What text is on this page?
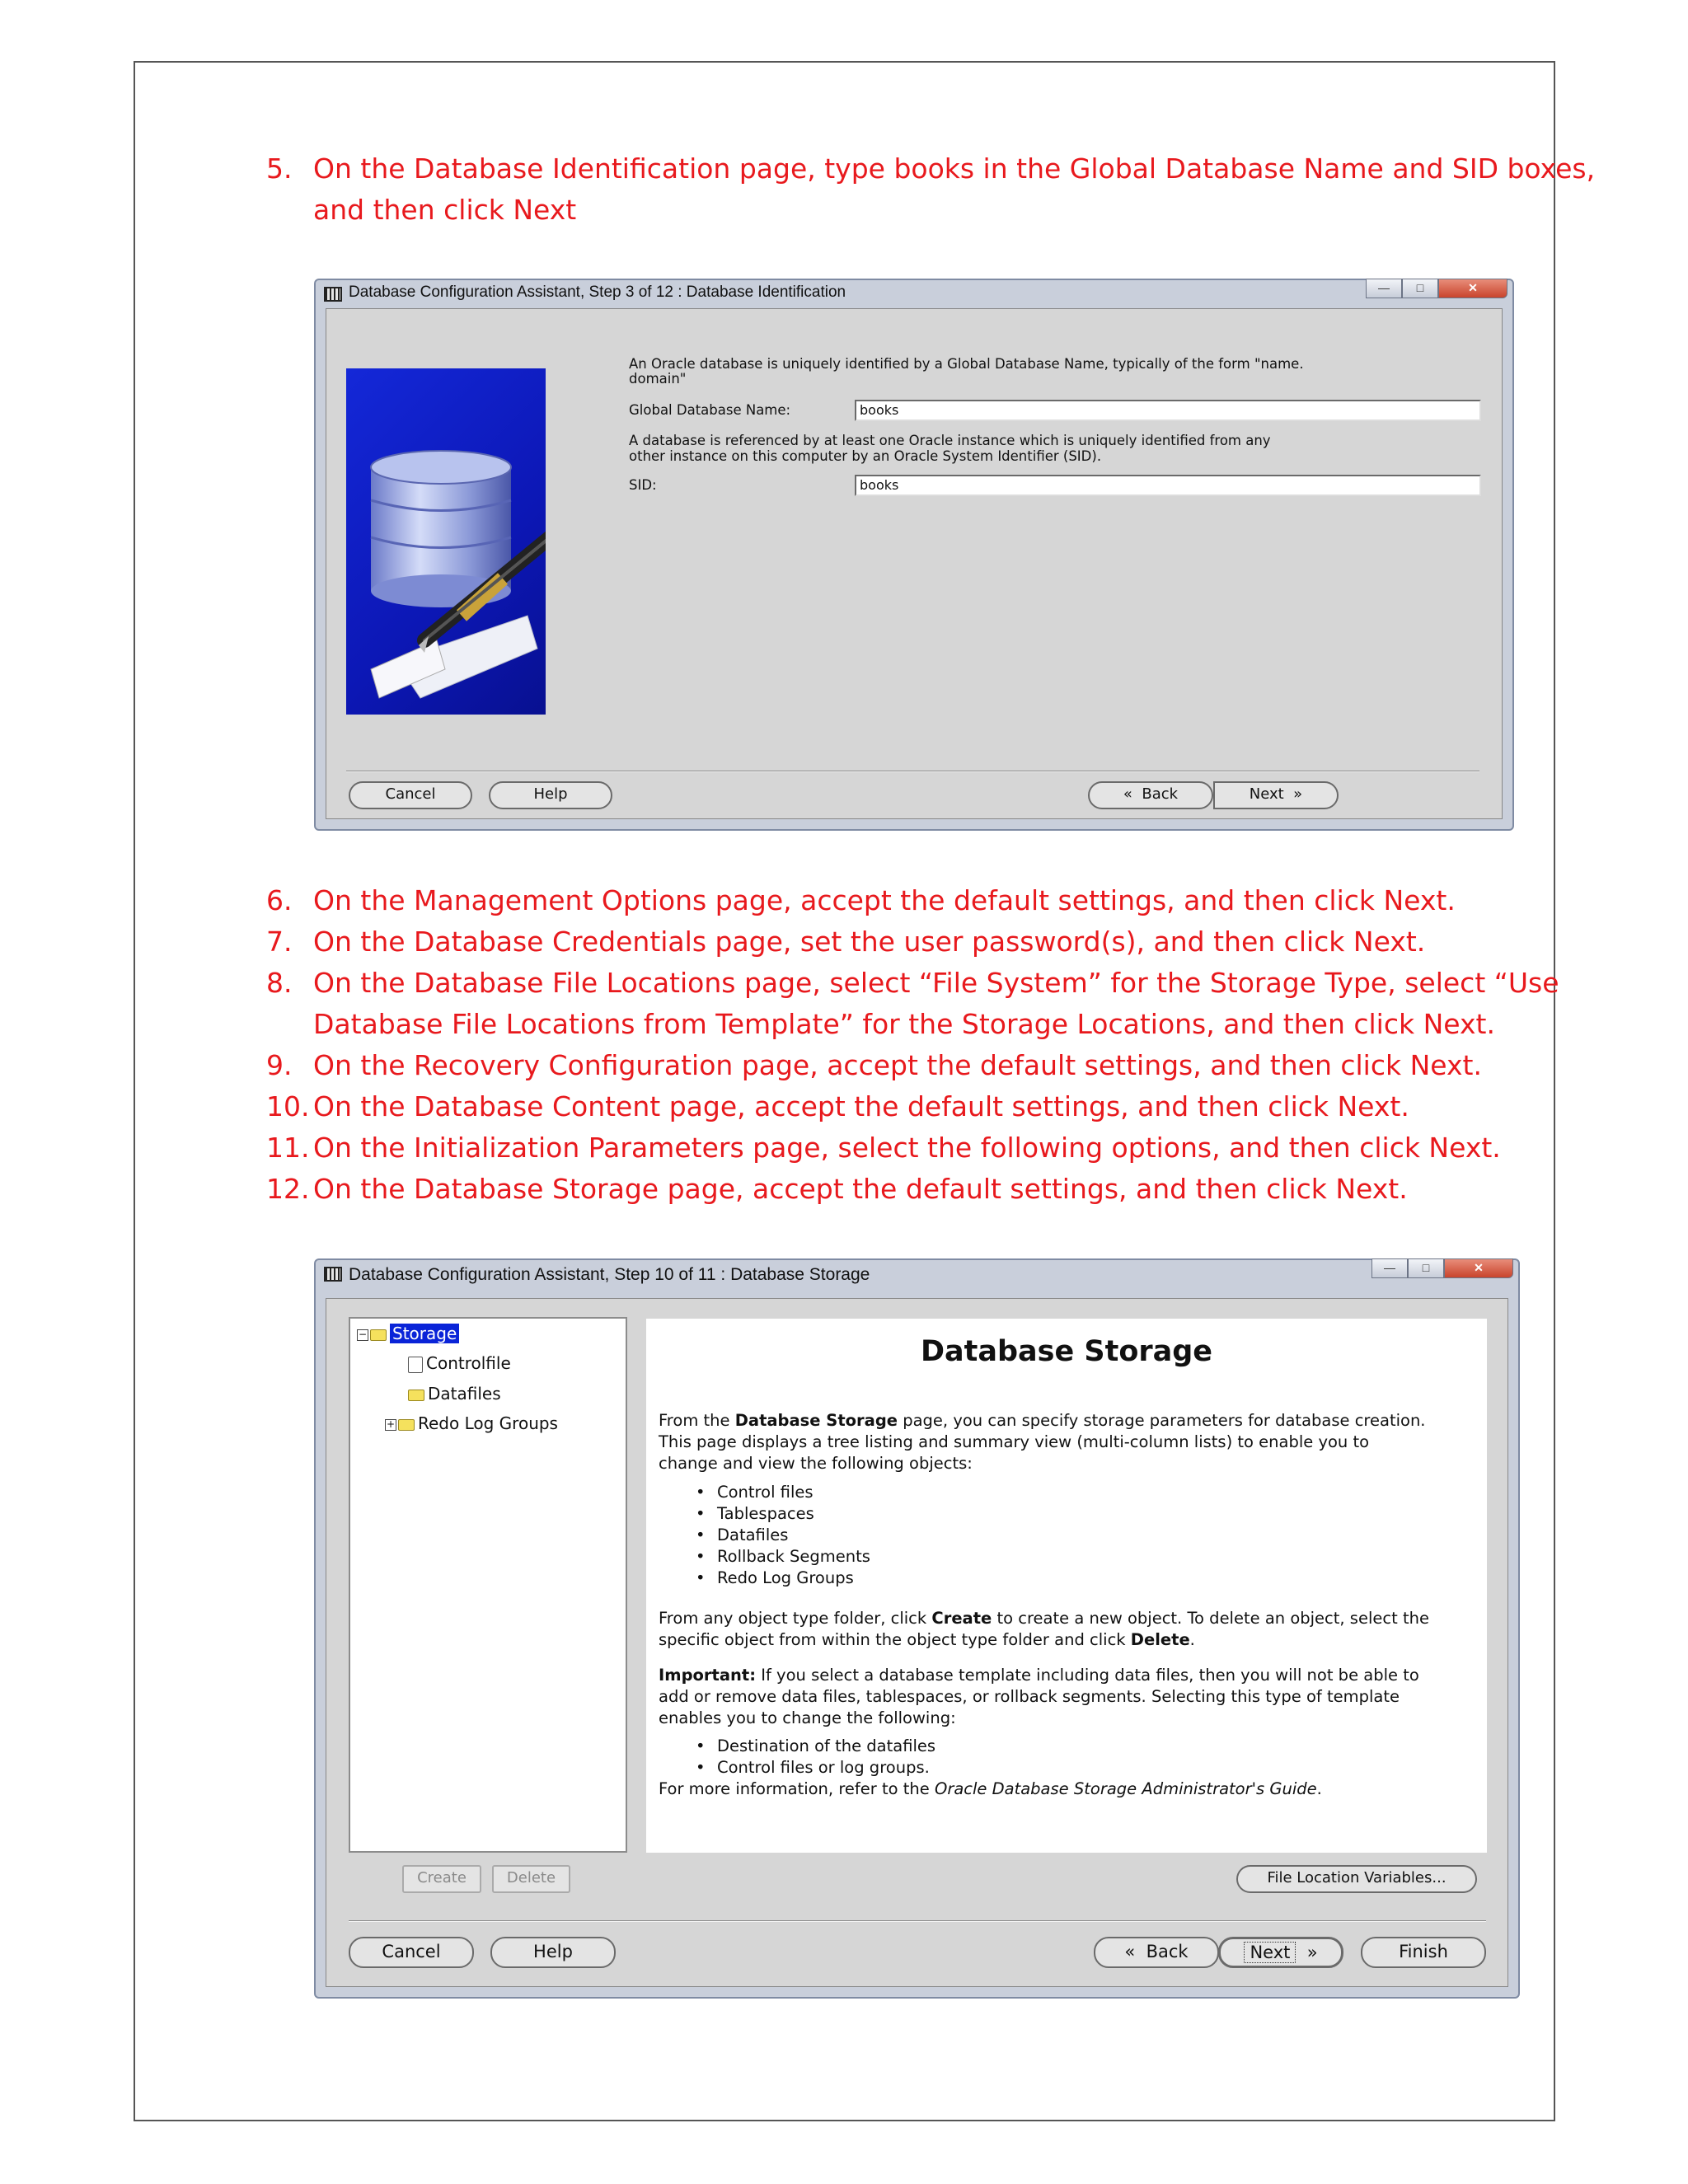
5. On the Database Identification page, type books in the Global Database Name and SID boxes,
and then click Next
Database Configuration Assistant, Step 3 of 12 : Database Identification	—	□	✕
An Oracle database is uniquely identified by a Global Database Name, typically of the form "name.
domain"
Global Database Name:	books
A database is referenced by at least one Oracle instance which is uniquely identified from any
other instance on this computer by an Oracle System Identifier (SID).
SID:	books
Cancel	Help	«  Back	Next  »
6. On the Management Options page, accept the default settings, and then click Next.
7. On the Database Credentials page, set the user password(s), and then click Next.
8. On the Database File Locations page, select “File System” for the Storage Type, select “Use
Database File Locations from Template” for the Storage Locations, and then click Next.
9. On the Recovery Configuration page, accept the default settings, and then click Next.
10. On the Database Content page, accept the default settings, and then click Next.
11. On the Initialization Parameters page, select the following options, and then click Next.
12. On the Database Storage page, accept the default settings, and then click Next.
Database Configuration Assistant, Step 10 of 11 : Database Storage	—	□	✕
− Storage
Controlfile
Datafiles
+ Redo Log Groups
Database Storage
From the Database Storage page, you can specify storage parameters for database creation.
This page displays a tree listing and summary view (multi-column lists) to enable you to
change and view the following objects:
• Control files
• Tablespaces
• Datafiles
• Rollback Segments
• Redo Log Groups
From any object type folder, click Create to create a new object. To delete an object, select the
specific object from within the object type folder and click Delete.
Important: If you select a database template including data files, then you will not be able to
add or remove data files, tablespaces, or rollback segments. Selecting this type of template
enables you to change the following:
• Destination of the datafiles
• Control files or log groups.
For more information, refer to the Oracle Database Storage Administrator's Guide.
Create	Delete	File Location Variables...
Cancel	Help	«  Back	Next  »	Finish
